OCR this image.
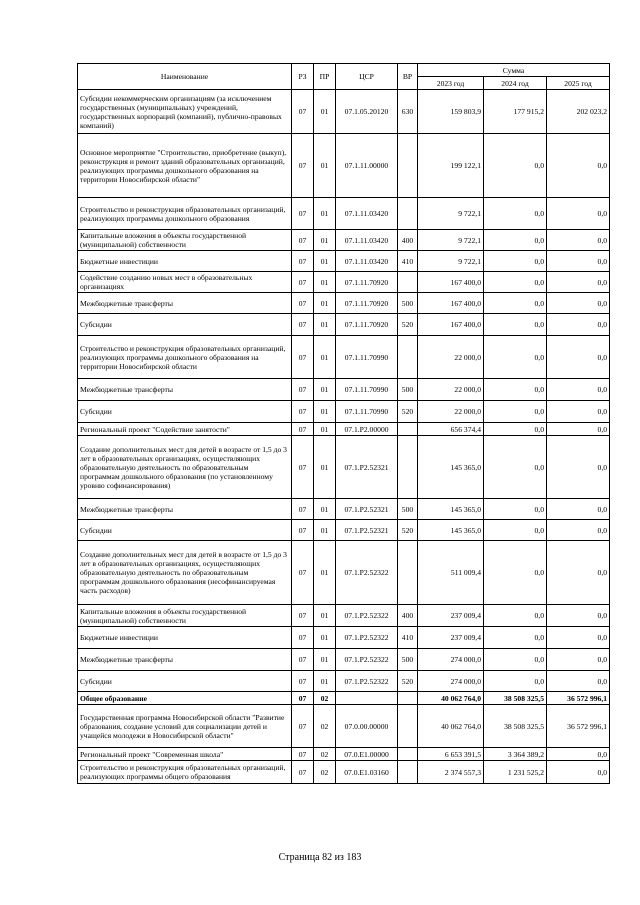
Наименование	РЗ	ПР	ЦСР	ВР	Сумма		
					2023 год	2024 год	2025 год
Субсидии некоммерческим организациям (за исключением государственных (муниципальных) учреждений, государственных корпораций (компаний), публично-правовых компаний)	07	01	07.1.05.20120	630	159 803,9	177 915,2	202 023,2
Основное мероприятие "Строительство, приобретение (выкуп), реконструкция и ремонт зданий образовательных организаций, реализующих программы дошкольного образования на территории Новосибирской области"	07	01	07.1.11.00000		199 122,1	0,0	0,0
Строительство и реконструкция образовательных организаций, реализующих программы дошкольного образования	07	01	07.1.11.03420		9 722,1	0,0	0,0
Капитальные вложения в объекты государственной (муниципальной) собственности	07	01	07.1.11.03420	400	9 722,1	0,0	0,0
Бюджетные инвестиции	07	01	07.1.11.03420	410	9 722,1	0,0	0,0
Содействие созданию новых мест в образовательных организациях	07	01	07.1.11.70920		167 400,0	0,0	0,0
Межбюджетные трансферты	07	01	07.1.11.70920	500	167 400,0	0,0	0,0
Субсидии	07	01	07.1.11.70920	520	167 400,0	0,0	0,0
Строительство и реконструкция образовательных организаций, реализующих программы дошкольного образования на территории Новосибирской области	07	01	07.1.11.70990		22 000,0	0,0	0,0
Межбюджетные трансферты	07	01	07.1.11.70990	500	22 000,0	0,0	0,0
Субсидии	07	01	07.1.11.70990	520	22 000,0	0,0	0,0
Региональный проект "Содействие занятости"	07	01	07.1.P2.00000		656 374,4	0,0	0,0
Создание дополнительных мест для детей в возрасте от 1,5 до 3 лет в образовательных организациях, осуществляющих образовательную деятельность по образовательным программам дошкольного образования (по установленному уровню софинансирования)	07	01	07.1.P2.52321		145 365,0	0,0	0,0
Межбюджетные трансферты	07	01	07.1.P2.52321	500	145 365,0	0,0	0,0
Субсидии	07	01	07.1.P2.52321	520	145 365,0	0,0	0,0
Создание дополнительных мест для детей в возрасте от 1,5 до 3 лет в образовательных организациях, осуществляющих образовательную деятельность по образовательным программам дошкольного образования (несофинансируемая часть расходов)	07	01	07.1.P2.52322		511 009,4	0,0	0,0
Капитальные вложения в объекты государственной (муниципальной) собственности	07	01	07.1.P2.52322	400	237 009,4	0,0	0,0
Бюджетные инвестиции	07	01	07.1.P2.52322	410	237 009,4	0,0	0,0
Межбюджетные трансферты	07	01	07.1.P2.52322	500	274 000,0	0,0	0,0
Субсидии	07	01	07.1.P2.52322	520	274 000,0	0,0	0,0
Общее образование	07	02			40 062 764,0	38 508 325,5	36 572 996,1
Государственная программа Новосибирской области "Развитие образования, создание условий для социализации детей и учащейся молодежи в Новосибирской области"	07	02	07.0.00.00000		40 062 764,0	38 508 325,5	36 572 996,1
Региональный проект "Современная школа"	07	02	07.0.E1.00000		6 653 391,5	3 364 389,2	0,0
Строительство и реконструкция образовательных организаций, реализующих программы общего образования	07	02	07.0.E1.03160		2 374 557,3	1 231 525,2	0,0
Страница 82 из 183
